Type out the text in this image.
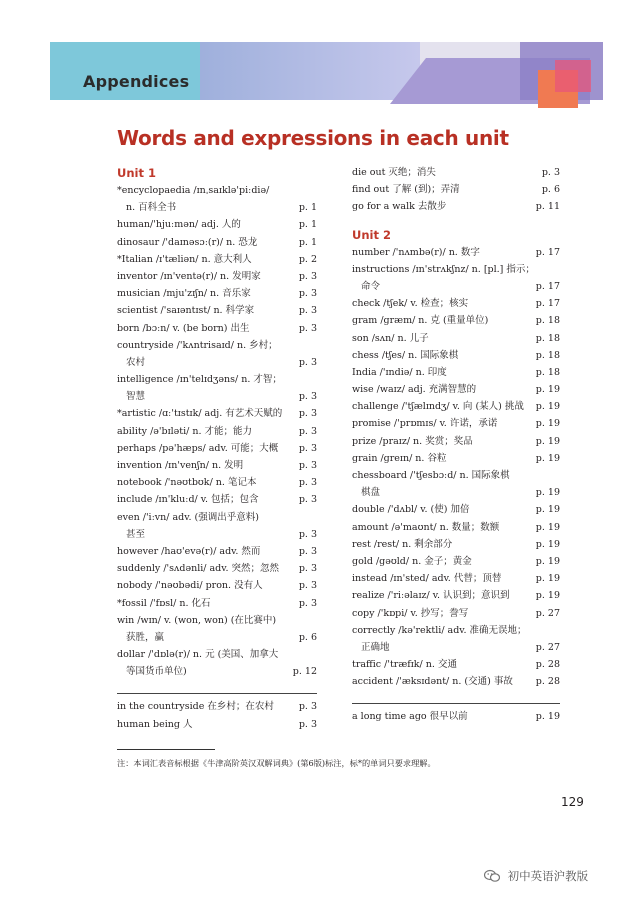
Appendices
Words and expressions in each unit
Unit 1
*encyclopaedia /ɪnˌsaɪklə'piːdiə/
n. 百科全书	p. 1
human/'hjuːmən/ adj. 人的	p. 1
dinosaur /'daɪnəsɔː(r)/ n. 恐龙	p. 1
*Italian /ɪ'tæliən/ n. 意大利人	p. 2
inventor /ɪn'ventə(r)/ n. 发明家	p. 3
musician /mju'zɪʃn/ n. 音乐家	p. 3
scientist /'saɪəntɪst/ n. 科学家	p. 3
born /bɔːn/ v. (be born) 出生	p. 3
countryside /'kʌntrisaɪd/ n. 乡村；
农村	p. 3
intelligence /ɪn'telɪdʒəns/ n. 才智；
智慧	p. 3
*artistic /ɑː'tɪstɪk/ adj. 有艺术天赋的 p. 3
ability /ə'bɪləti/ n. 才能；能力	p. 3
perhaps /pə'hæps/ adv. 可能；大概 p. 3
invention /ɪn'venʃn/ n. 发明	p. 3
notebook /'nəʊtbʊk/ n. 笔记本	p. 3
include /ɪn'kluːd/ v. 包括；包含	p. 3
even /'iːvn/ adv. (强调出乎意料)
甚至	p. 3
however /haʊ'evə(r)/ adv. 然而	p. 3
suddenly /'sʌdənli/ adv. 突然；忽然 p. 3
nobody /'nəʊbədi/ pron. 没有人	p. 3
*fossil /'fɒsl/ n. 化石	p. 3
win /wɪn/ v. (won, won) (在比赛中)
获胜，赢	p. 6
dollar /'dɒlə(r)/ n. 元 (美国、加拿大
等国货币单位)	p. 12
in the countryside 在乡村；在农村	p. 3
human being 人	p. 3
die out 灭绝；消失	p. 3
find out 了解 (到)；弄清	p. 6
go for a walk 去散步	p. 11
Unit 2
number /'nʌmbə(r)/ n. 数字	p. 17
instructions /ɪn'strʌkʃnz/ n. [pl.] 指示；
命令	p. 17
check /tʃek/ v. 检查；核实	p. 17
gram /græm/ n. 克 (重量单位)	p. 18
son /sʌn/ n. 儿子	p. 18
chess /tʃes/ n. 国际象棋	p. 18
India /'ɪndiə/ n. 印度	p. 18
wise /waɪz/ adj. 充满智慧的	p. 19
challenge /'tʃælɪndʒ/ v. 向 (某人) 挑战 p. 19
promise /'prɒmɪs/ v. 许诺，承诺	p. 19
prize /praɪz/ n. 奖赏；奖品	p. 19
grain /greɪn/ n. 谷粒	p. 19
chessboard /'tʃesbɔːd/ n. 国际象棋
棋盘	p. 19
double /'dʌbl/ v. (使) 加倍	p. 19
amount /ə'maʊnt/ n. 数量；数额	p. 19
rest /rest/ n. 剩余部分	p. 19
gold /gəʊld/ n. 金子；黄金	p. 19
instead /ɪn'sted/ adv. 代替；顶替	p. 19
realize /'riːəlaɪz/ v. 认识到；意识到	p. 19
copy /'kɒpi/ v. 抄写；誊写	p. 27
correctly /kə'rektli/ adv. 准确无误地；
正确地	p. 27
traffic /'træfɪk/ n. 交通	p. 28
accident /'æksɪdənt/ n. (交通) 事故 p. 28
a long time ago 很早以前	p. 19
注：本词汇表音标根据《牛津高阶英汉双解词典》(第6版)标注，标*的单词只要求理解。
129
初中英语沪教版
